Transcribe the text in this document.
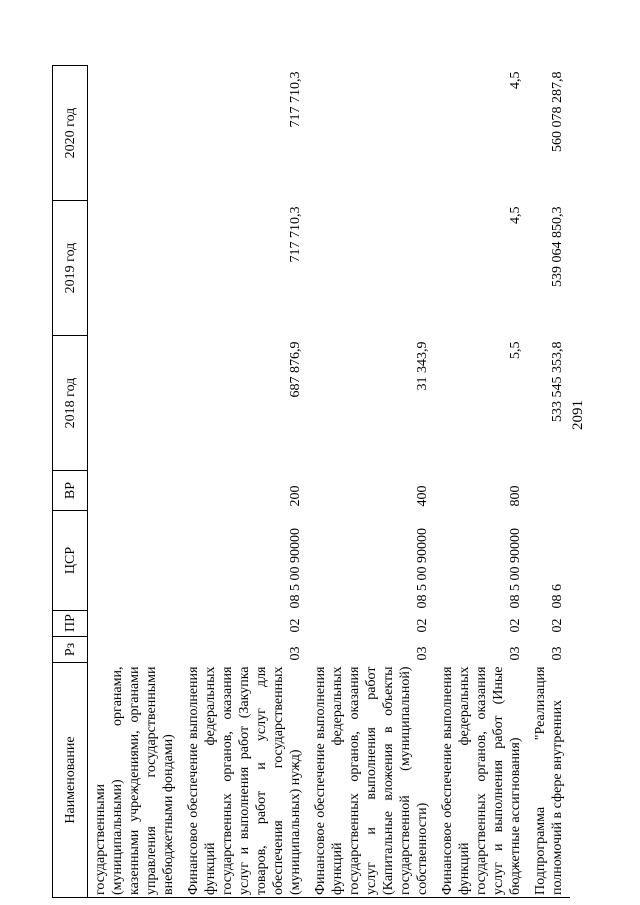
2091
Наименование	Рз	ПР	ЦСР	ВР	2018 год	2019 год	2020 год
государственными (муниципальными) органами, казенными учреждениями, органами управления государственными внебюджетными фондами)							
Финансовое обеспечение выполнения функций федеральных государственных органов, оказания услуг и выполнения работ (Закупка товаров, работ и услуг для обеспечения государственных (муниципальных) нужд)	03	02	08 5 00 90000	200	687 876,9	717 710,3	717 710,3
Финансовое обеспечение выполнения функций федеральных государственных органов, оказания услуг и выполнения работ (Капитальные вложения в объекты государственной (муниципальной) собственности)	03	02	08 5 00 90000	400	31 343,9		
Финансовое обеспечение выполнения функций федеральных государственных органов, оказания услуг и выполнения работ (Иные бюджетные ассигнования)	03	02	08 5 00 90000	800	5,5	4,5	4,5
Подпрограмма "Реализация полномочий в сфере внутренних	03	02	08 6		533 545 353,8	539 064 850,3	560 078 287,8
